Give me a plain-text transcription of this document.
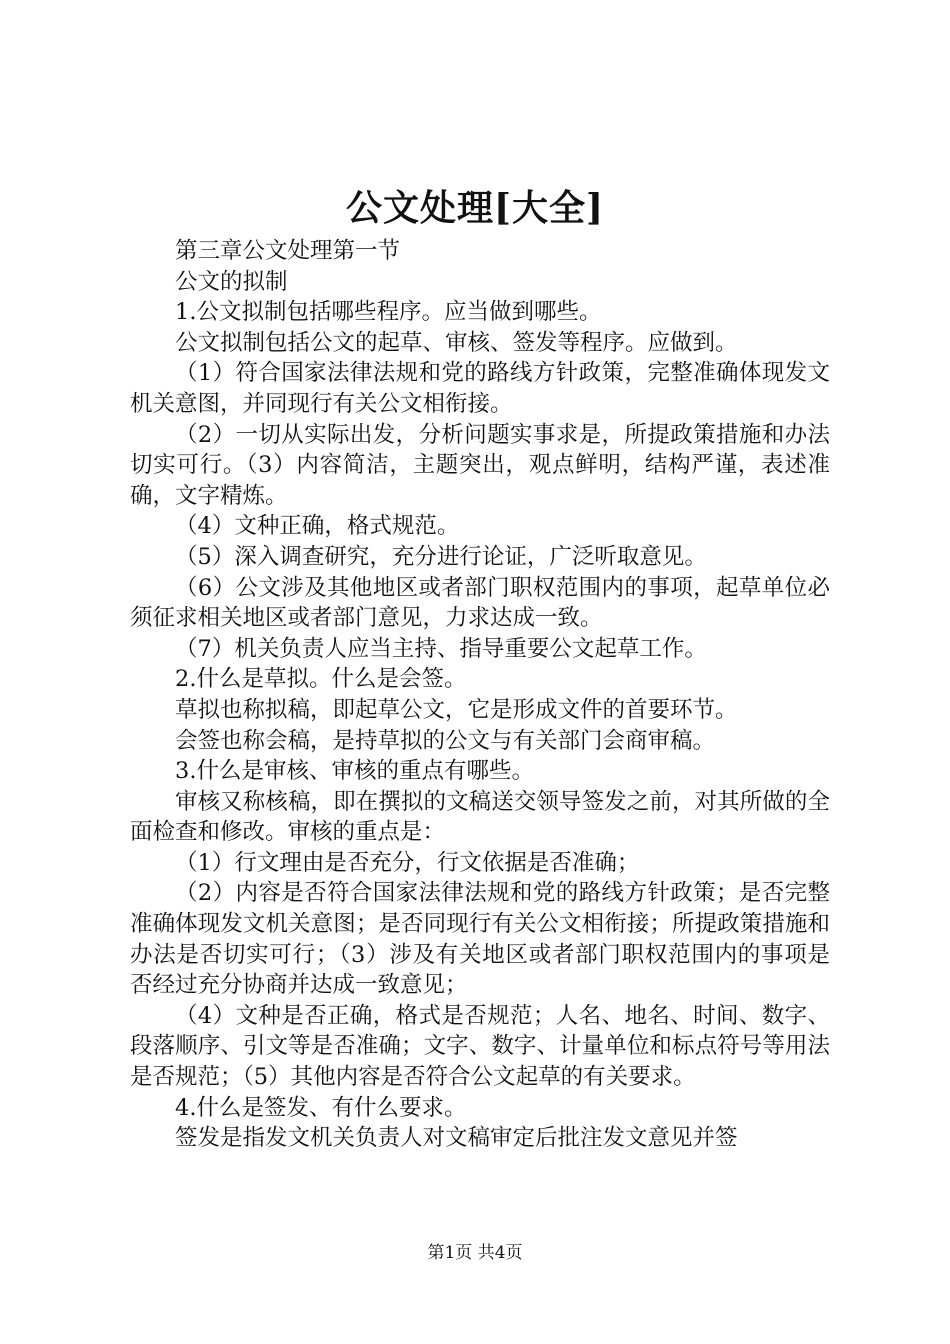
公文处理[大全]

第三章公文处理第一节

公文的拟制

1.公文拟制包括哪些程序。应当做到哪些。

公文拟制包括公文的起草、审核、签发等程序。应做到。

（1）符合国家法律法规和党的路线方针政策，完整准确体现发文机关意图，并同现行有关公文相衔接。

（2）一切从实际出发，分析问题实事求是，所提政策措施和办法切实可行。（3）内容简洁，主题突出，观点鲜明，结构严谨，表述准确，文字精炼。

（4）文种正确，格式规范。

（5）深入调查研究，充分进行论证，广泛听取意见。

（6）公文涉及其他地区或者部门职权范围内的事项，起草单位必须征求相关地区或者部门意见，力求达成一致。

（7）机关负责人应当主持、指导重要公文起草工作。

2.什么是草拟。什么是会签。

草拟也称拟稿，即起草公文，它是形成文件的首要环节。

会签也称会稿，是持草拟的公文与有关部门会商审稿。

3.什么是审核、审核的重点有哪些。

审核又称核稿，即在撰拟的文稿送交领导签发之前，对其所做的全面检查和修改。审核的重点是：

（1）行文理由是否充分，行文依据是否准确；

（2）内容是否符合国家法律法规和党的路线方针政策；是否完整准确体现发文机关意图；是否同现行有关公文相衔接；所提政策措施和办法是否切实可行；（3）涉及有关地区或者部门职权范围内的事项是否经过充分协商并达成一致意见；

（4）文种是否正确，格式是否规范；人名、地名、时间、数字、段落顺序、引文等是否准确；文字、数字、计量单位和标点符号等用法是否规范；（5）其他内容是否符合公文起草的有关要求。

4.什么是签发、有什么要求。

签发是指发文机关负责人对文稿审定后批注发文意见并签

第1页 共4页
